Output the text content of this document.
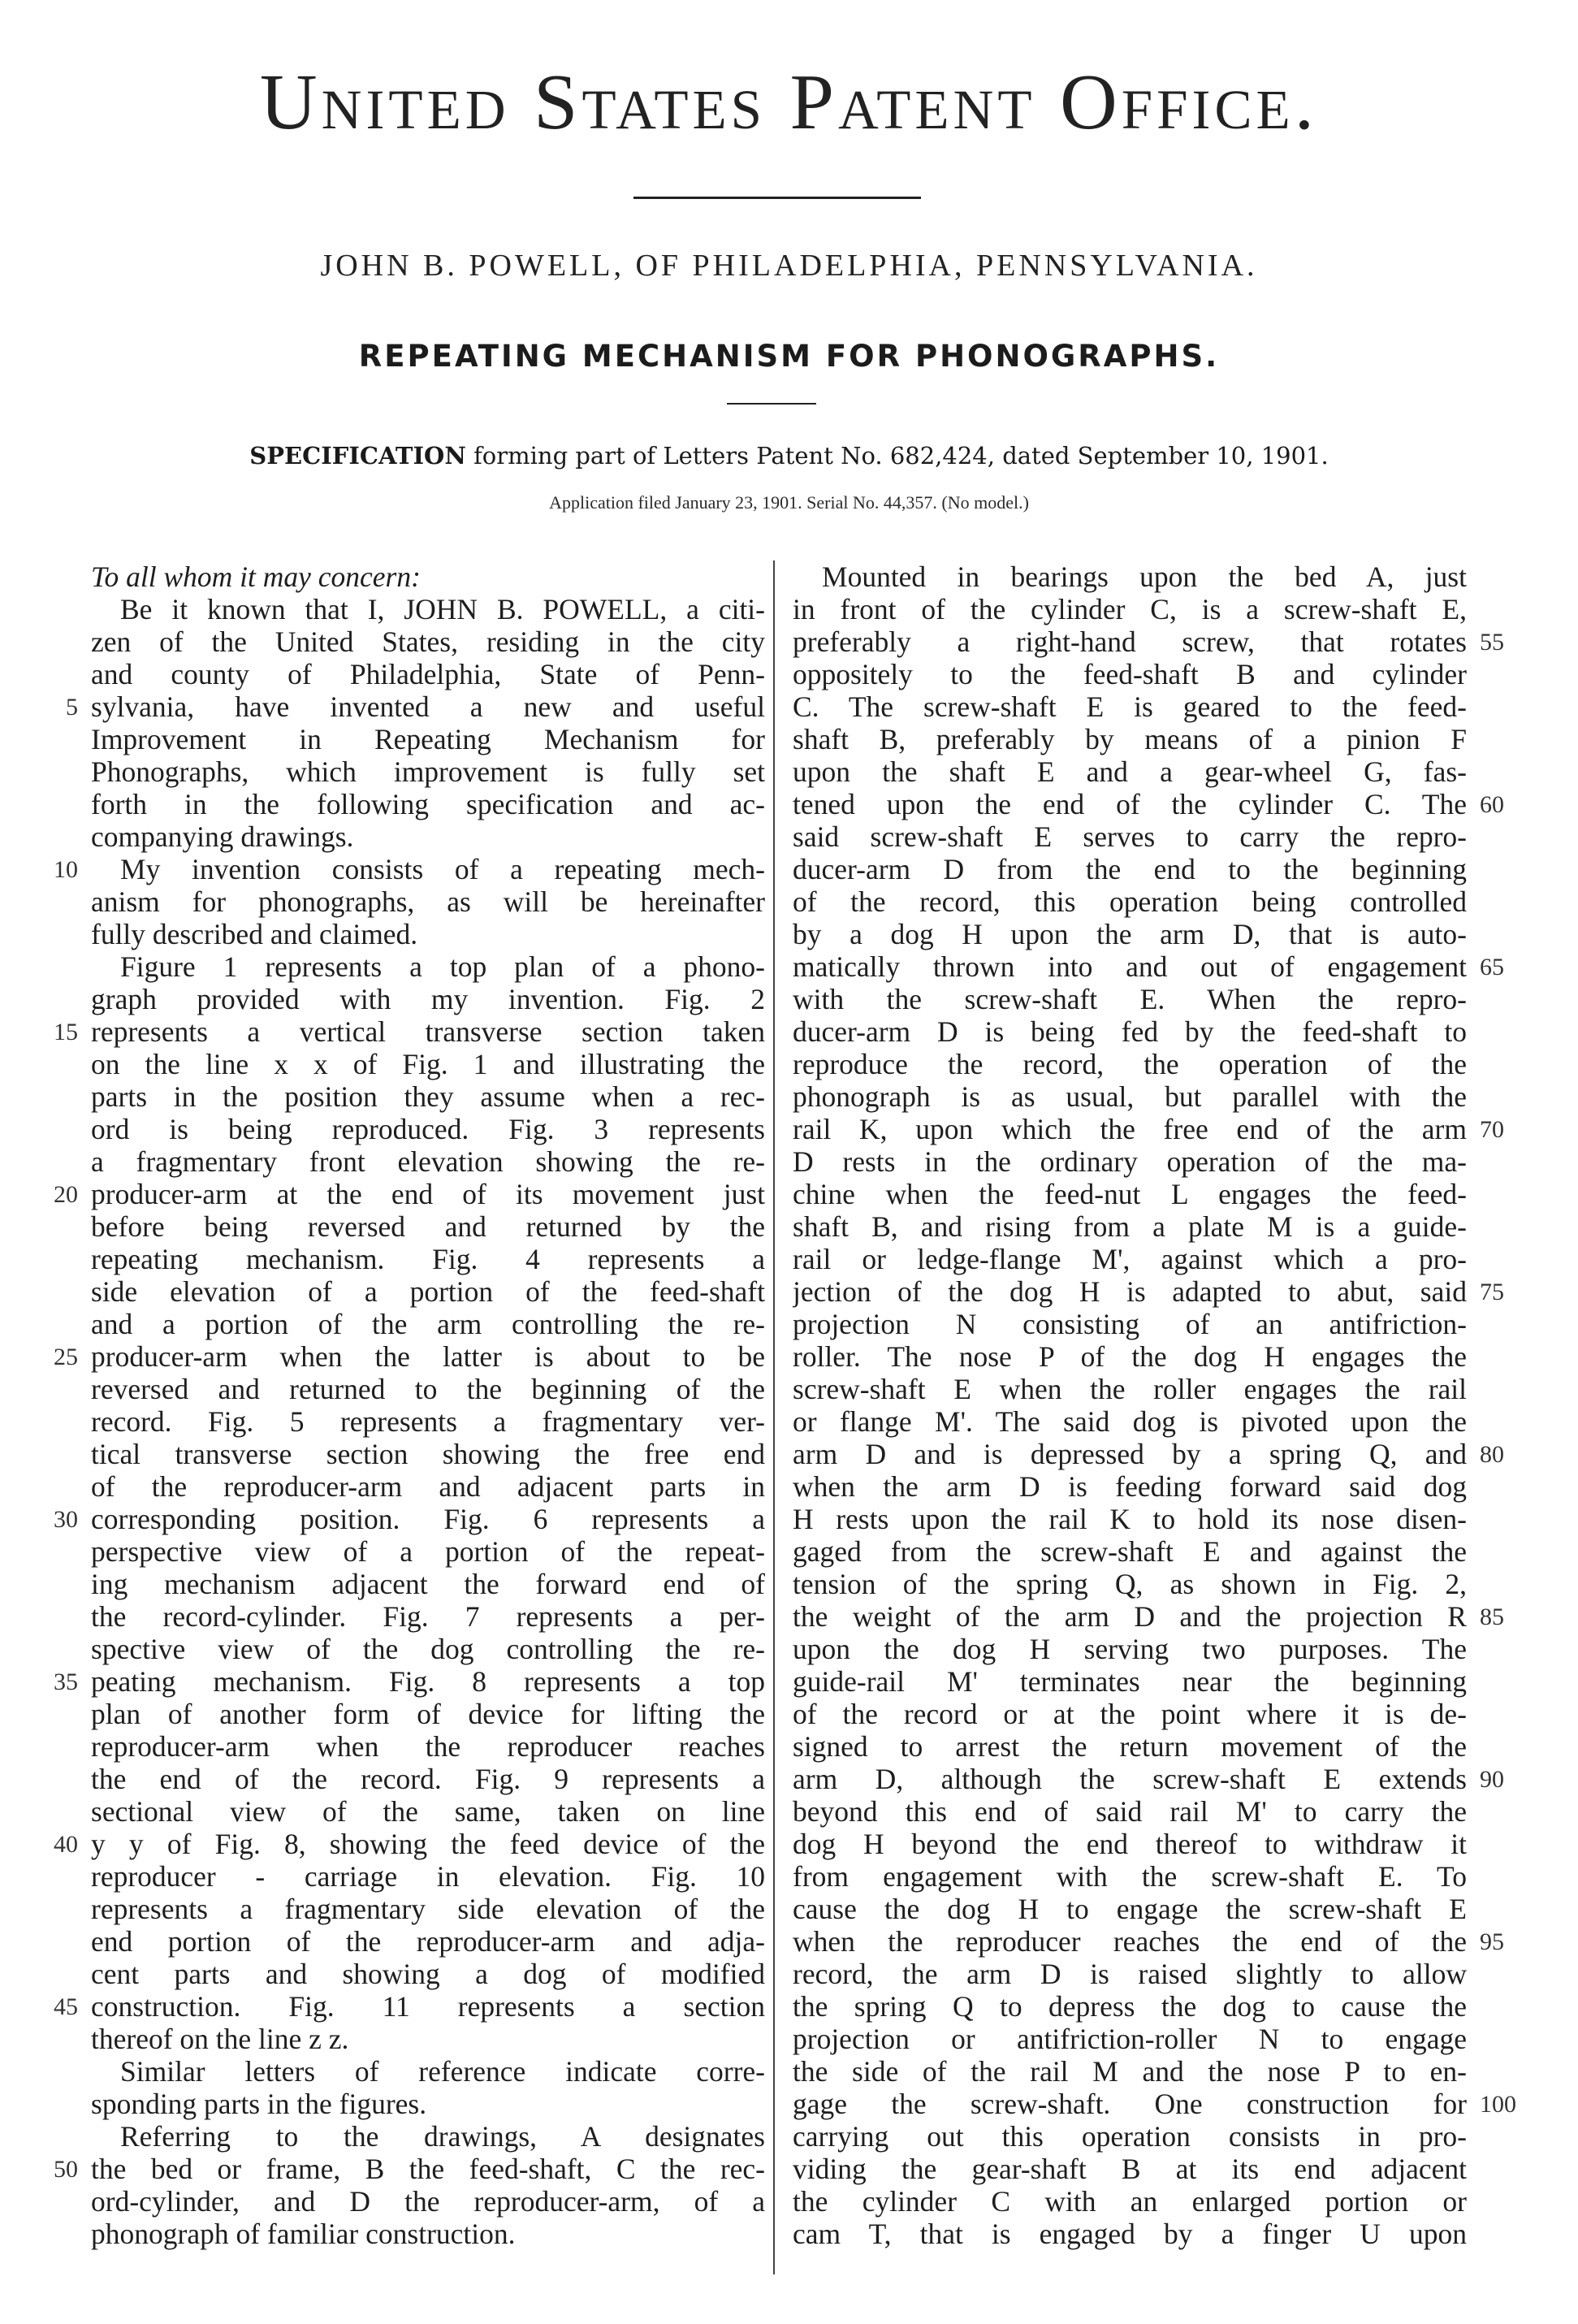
United States Patent Office.
JOHN B. POWELL, OF PHILADELPHIA, PENNSYLVANIA.
REPEATING MECHANISM FOR PHONOGRAPHS.
SPECIFICATION forming part of Letters Patent No. 682,424, dated September 10, 1901.
Application filed January 23, 1901. Serial No. 44,357. (No model.)
To all whom it may concern:
Be it known that I, JOHN B. POWELL, a citi-
zen of the United States, residing in the city
and county of Philadelphia, State of Penn-
sylvania, have invented a new and useful
Improvement in Repeating Mechanism for
Phonographs, which improvement is fully set
forth in the following specification and ac-
companying drawings.
My invention consists of a repeating mech-
anism for phonographs, as will be hereinafter
fully described and claimed.
Figure 1 represents a top plan of a phono-
graph provided with my invention. Fig. 2
represents a vertical transverse section taken
on the line x x of Fig. 1 and illustrating the
parts in the position they assume when a rec-
ord is being reproduced. Fig. 3 represents
a fragmentary front elevation showing the re-
producer-arm at the end of its movement just
before being reversed and returned by the
repeating mechanism. Fig. 4 represents a
side elevation of a portion of the feed-shaft
and a portion of the arm controlling the re-
producer-arm when the latter is about to be
reversed and returned to the beginning of the
record. Fig. 5 represents a fragmentary ver-
tical transverse section showing the free end
of the reproducer-arm and adjacent parts in
corresponding position. Fig. 6 represents a
perspective view of a portion of the repeat-
ing mechanism adjacent the forward end of
the record-cylinder. Fig. 7 represents a per-
spective view of the dog controlling the re-
peating mechanism. Fig. 8 represents a top
plan of another form of device for lifting the
reproducer-arm when the reproducer reaches
the end of the record. Fig. 9 represents a
sectional view of the same, taken on line
y y of Fig. 8, showing the feed device of the
reproducer - carriage in elevation. Fig. 10
represents a fragmentary side elevation of the
end portion of the reproducer-arm and adja-
cent parts and showing a dog of modified
construction. Fig. 11 represents a section
thereof on the line z z.
Similar letters of reference indicate corre-
sponding parts in the figures.
Referring to the drawings, A designates
the bed or frame, B the feed-shaft, C the rec-
ord-cylinder, and D the reproducer-arm, of a
phonograph of familiar construction.
Mounted in bearings upon the bed A, just
in front of the cylinder C, is a screw-shaft E,
preferably a right-hand screw, that rotates
oppositely to the feed-shaft B and cylinder
C. The screw-shaft E is geared to the feed-
shaft B, preferably by means of a pinion F
upon the shaft E and a gear-wheel G, fas-
tened upon the end of the cylinder C. The
said screw-shaft E serves to carry the repro-
ducer-arm D from the end to the beginning
of the record, this operation being controlled
by a dog H upon the arm D, that is auto-
matically thrown into and out of engagement
with the screw-shaft E. When the repro-
ducer-arm D is being fed by the feed-shaft to
reproduce the record, the operation of the
phonograph is as usual, but parallel with the
rail K, upon which the free end of the arm
D rests in the ordinary operation of the ma-
chine when the feed-nut L engages the feed-
shaft B, and rising from a plate M is a guide-
rail or ledge-flange M', against which a pro-
jection of the dog H is adapted to abut, said
projection N consisting of an antifriction-
roller. The nose P of the dog H engages the
screw-shaft E when the roller engages the rail
or flange M'. The said dog is pivoted upon the
arm D and is depressed by a spring Q, and
when the arm D is feeding forward said dog
H rests upon the rail K to hold its nose disen-
gaged from the screw-shaft E and against the
tension of the spring Q, as shown in Fig. 2,
the weight of the arm D and the projection R
upon the dog H serving two purposes. The
guide-rail M' terminates near the beginning
of the record or at the point where it is de-
signed to arrest the return movement of the
arm D, although the screw-shaft E extends
beyond this end of said rail M' to carry the
dog H beyond the end thereof to withdraw it
from engagement with the screw-shaft E. To
cause the dog H to engage the screw-shaft E
when the reproducer reaches the end of the
record, the arm D is raised slightly to allow
the spring Q to depress the dog to cause the
projection or antifriction-roller N to engage
the side of the rail M and the nose P to en-
gage the screw-shaft. One construction for
carrying out this operation consists in pro-
viding the gear-shaft B at its end adjacent
the cylinder C with an enlarged portion or
cam T, that is engaged by a finger U upon
5
10
15
20
25
30
35
40
45
50
55
60
65
70
75
80
85
90
95
100
